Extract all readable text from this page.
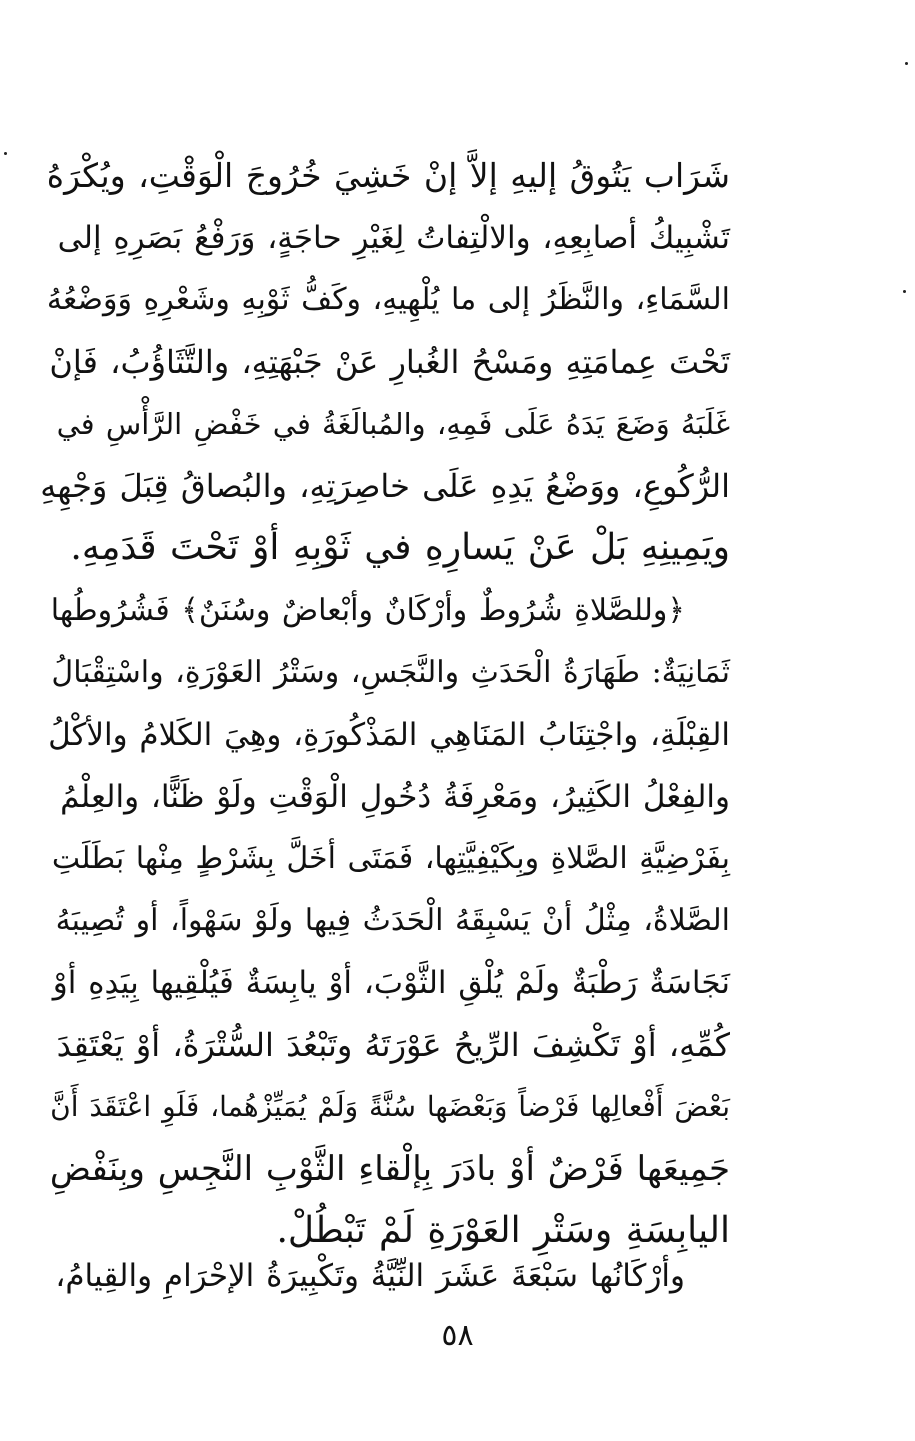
شَرَاب يَتُوقُ إليهِ إلاَّ إنْ خَشِيَ خُرُوجَ الْوَقْتِ، ويُكْرَهُ
تَشْبِيكُ أصابِعِهِ، والالْتِفاتُ لِغَيْرِ حاجَةٍ، وَرَفْعُ بَصَرِهِ إلى
السَّمَاءِ، والنَّظَرُ إلى ما يُلْهِيهِ، وكَفُّ ثَوْبِهِ وشَعْرِهِ وَوَضْعُهُ
تَحْتَ عِمامَتِهِ ومَسْحُ الغُبارِ عَنْ جَبْهَتِهِ، والتَّثَاؤُبُ، فَإنْ
غَلَبَهُ وَضَعَ يَدَهُ عَلَى فَمِهِ، والمُبالَغَةُ في خَفْضِ الرَّأْسِ في
الرُّكُوعِ، ووَضْعُ يَدِهِ عَلَى خاصِرَتِهِ، والبُصاقُ قِبَلَ وَجْهِهِ
ويَمِينِهِ بَلْ عَنْ يَسارِهِ في ثَوْبِهِ أوْ تَحْتَ قَدَمِهِ.
﴿وللصَّلاةِ شُرُوطٌ وأرْكَانٌ وأبْعاضٌ وسُنَنٌ﴾ فَشُرُوطُها
ثَمَانِيَةٌ: طَهَارَةُ الْحَدَثِ والنَّجَسِ، وسَتْرُ العَوْرَةِ، واسْتِقْبَالُ
القِبْلَةِ، واجْتِنَابُ المَنَاهِي المَذْكُورَةِ، وهِيَ الكَلامُ والأكْلُ
والفِعْلُ الكَثِيرُ، ومَعْرِفَةُ دُخُولِ الْوَقْتِ ولَوْ ظَنًّا، والعِلْمُ
بِفَرْضِيَّةِ الصَّلاةِ وبِكَيْفِيَّتِها، فَمَتَى أخَلَّ بِشَرْطٍ مِنْها بَطَلَتِ
الصَّلاةُ، مِثْلُ أنْ يَسْبِقَهُ الْحَدَثُ فِيها ولَوْ سَهْواً، أو تُصِيبَهُ
نَجَاسَةٌ رَطْبَةٌ ولَمْ يُلْقِ الثَّوْبَ، أوْ يابِسَةٌ فَيُلْقِيها بِيَدِهِ أوْ
كُمِّهِ، أوْ تَكْشِفَ الرِّيحُ عَوْرَتَهُ وتَبْعُدَ السُّتْرَةُ، أوْ يَعْتَقِدَ
بَعْضَ أَفْعالِها فَرْضاً وَبَعْضَها سُنَّةً وَلَمْ يُمَيِّزْهُما، فَلَوِ اعْتَقَدَ أَنَّ
جَمِيعَها فَرْضٌ أوْ بادَرَ بِإلْقاءِ الثَّوْبِ النَّجِسِ وبِنَفْضِ
اليابِسَةِ وسَتْرِ العَوْرَةِ لَمْ تَبْطُلْ.
وأرْكَانُها سَبْعَةَ عَشَرَ النِّيَّةُ وتَكْبِيرَةُ الإحْرَامِ والقِيامُ،
٥٨
